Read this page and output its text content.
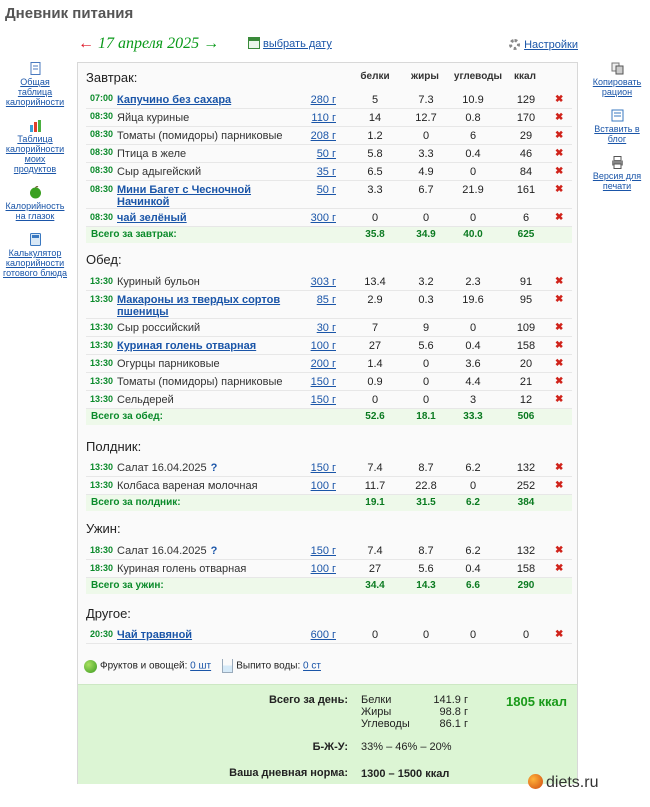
Дневник питания
← 17 апреля 2025 →	выбрать дату	Настройки
Общая таблица калорийности
Таблица калорийности моих продуктов
Калорийность на глазок
Калькулятор калорийности готового блюда
Копировать рацион
Вставить в блог
Версия для печати
белки	жиры	углеводы	ккал
Завтрак:
07:00 Капучино без сахара	280 г	5	7.3	10.9	129	✖
08:30 Яйца куриные	110 г	14	12.7	0.8	170	✖
08:30 Томаты (помидоры) парниковые	208 г	1.2	0	6	29	✖
08:30 Птица в желе	50 г	5.8	3.3	0.4	46	✖
08:30 Сыр адыгейский	35 г	6.5	4.9	0	84	✖
08:30 Мини Багет с Чесночной Начинкой
50 г	3.3	6.7	21.9	161	✖
08:30 чай зелёный	300 г	0	0	0	6	✖
Всего за завтрак:	35.8	34.9	40.0	625
Обед:
13:30 Куриный бульон	303 г	13.4	3.2	2.3	91	✖
13:30 Макароны из твердых сортов пшеницы
85 г	2.9	0.3	19.6	95	✖
13:30 Сыр российский	30 г	7	9	0	109	✖
13:30 Куриная голень отварная	100 г	27	5.6	0.4	158	✖
13:30 Огурцы парниковые	200 г	1.4	0	3.6	20	✖
13:30 Томаты (помидоры) парниковые	150 г	0.9	0	4.4	21	✖
13:30 Сельдерей	150 г	0	0	3	12	✖
Всего за обед:	52.6	18.1	33.3	506
Полдник:
13:30 Салат 16.04.2025 ?	150 г	7.4	8.7	6.2	132	✖
13:30 Колбаса вареная молочная	100 г	11.7	22.8	0	252	✖
Всего за полдник:	19.1	31.5	6.2	384
Ужин:
18:30 Салат 16.04.2025 ?	150 г	7.4	8.7	6.2	132	✖
18:30 Куриная голень отварная	100 г	27	5.6	0.4	158	✖
Всего за ужин:	34.4	14.3	6.6	290
Другое:
20:30 Чай травяной	600 г	0	0	0	0	✖
Фруктов и овощей: 0 шт	Выпито воды: 0 ст
Всего за день: Белки	141.9 г
Жиры	98.8 г
Углеводы	86.1 г
1805 ккал
Б-Ж-У: 33% – 46% – 20%
Ваша дневная норма: 1300 – 1500 ккал	diets.ru
